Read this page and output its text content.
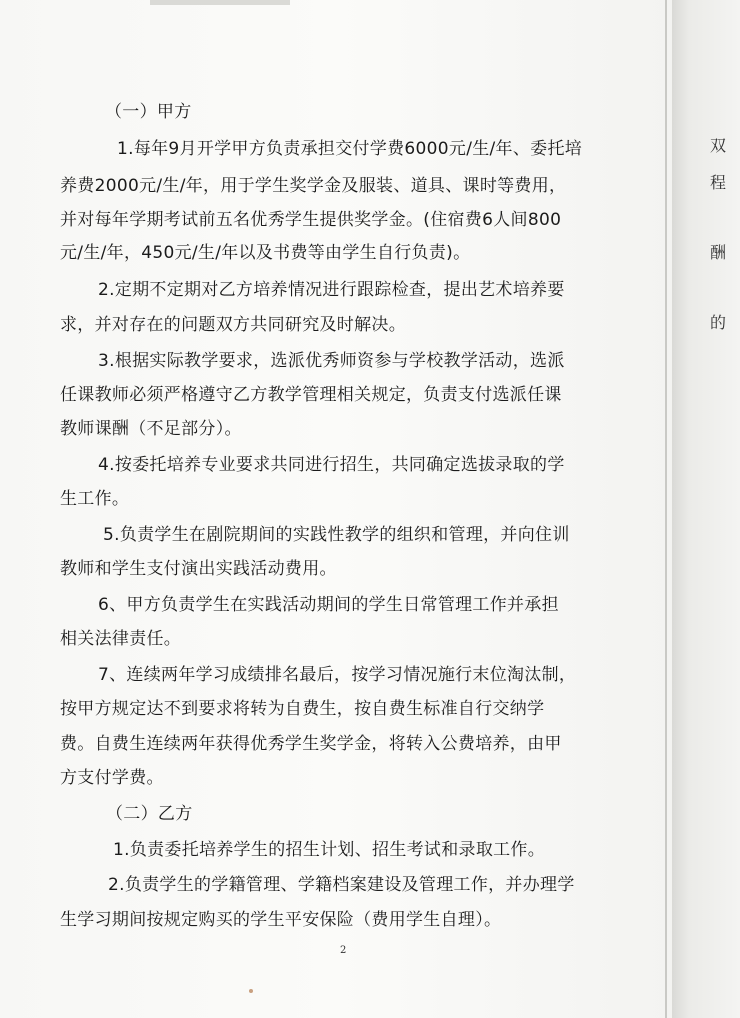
（一）甲方

1.每年9月开学甲方负责承担交付学费6000元/生/年、委托培

养费2000元/生/年，用于学生奖学金及服装、道具、课时等费用，

并对每年学期考试前五名优秀学生提供奖学金。(住宿费6人间800

元/生/年，450元/生/年以及书费等由学生自行负责)。

2.定期不定期对乙方培养情况进行跟踪检查，提出艺术培养要

求，并对存在的问题双方共同研究及时解决。

3.根据实际教学要求，选派优秀师资参与学校教学活动，选派

任课教师必须严格遵守乙方教学管理相关规定，负责支付选派任课

教师课酬（不足部分）。

4.按委托培养专业要求共同进行招生，共同确定选拔录取的学

生工作。

5.负责学生在剧院期间的实践性教学的组织和管理，并向住训

教师和学生支付演出实践活动费用。

6、甲方负责学生在实践活动期间的学生日常管理工作并承担

相关法律责任。

7、连续两年学习成绩排名最后，按学习情况施行末位淘汰制，

按甲方规定达不到要求将转为自费生，按自费生标准自行交纳学

费。自费生连续两年获得优秀学生奖学金，将转入公费培养，由甲

方支付学费。

（二）乙方

1.负责委托培养学生的招生计划、招生考试和录取工作。

2.负责学生的学籍管理、学籍档案建设及管理工作，并办理学

生学习期间按规定购买的学生平安保险（费用学生自理）。

2
双
程
酬
的
